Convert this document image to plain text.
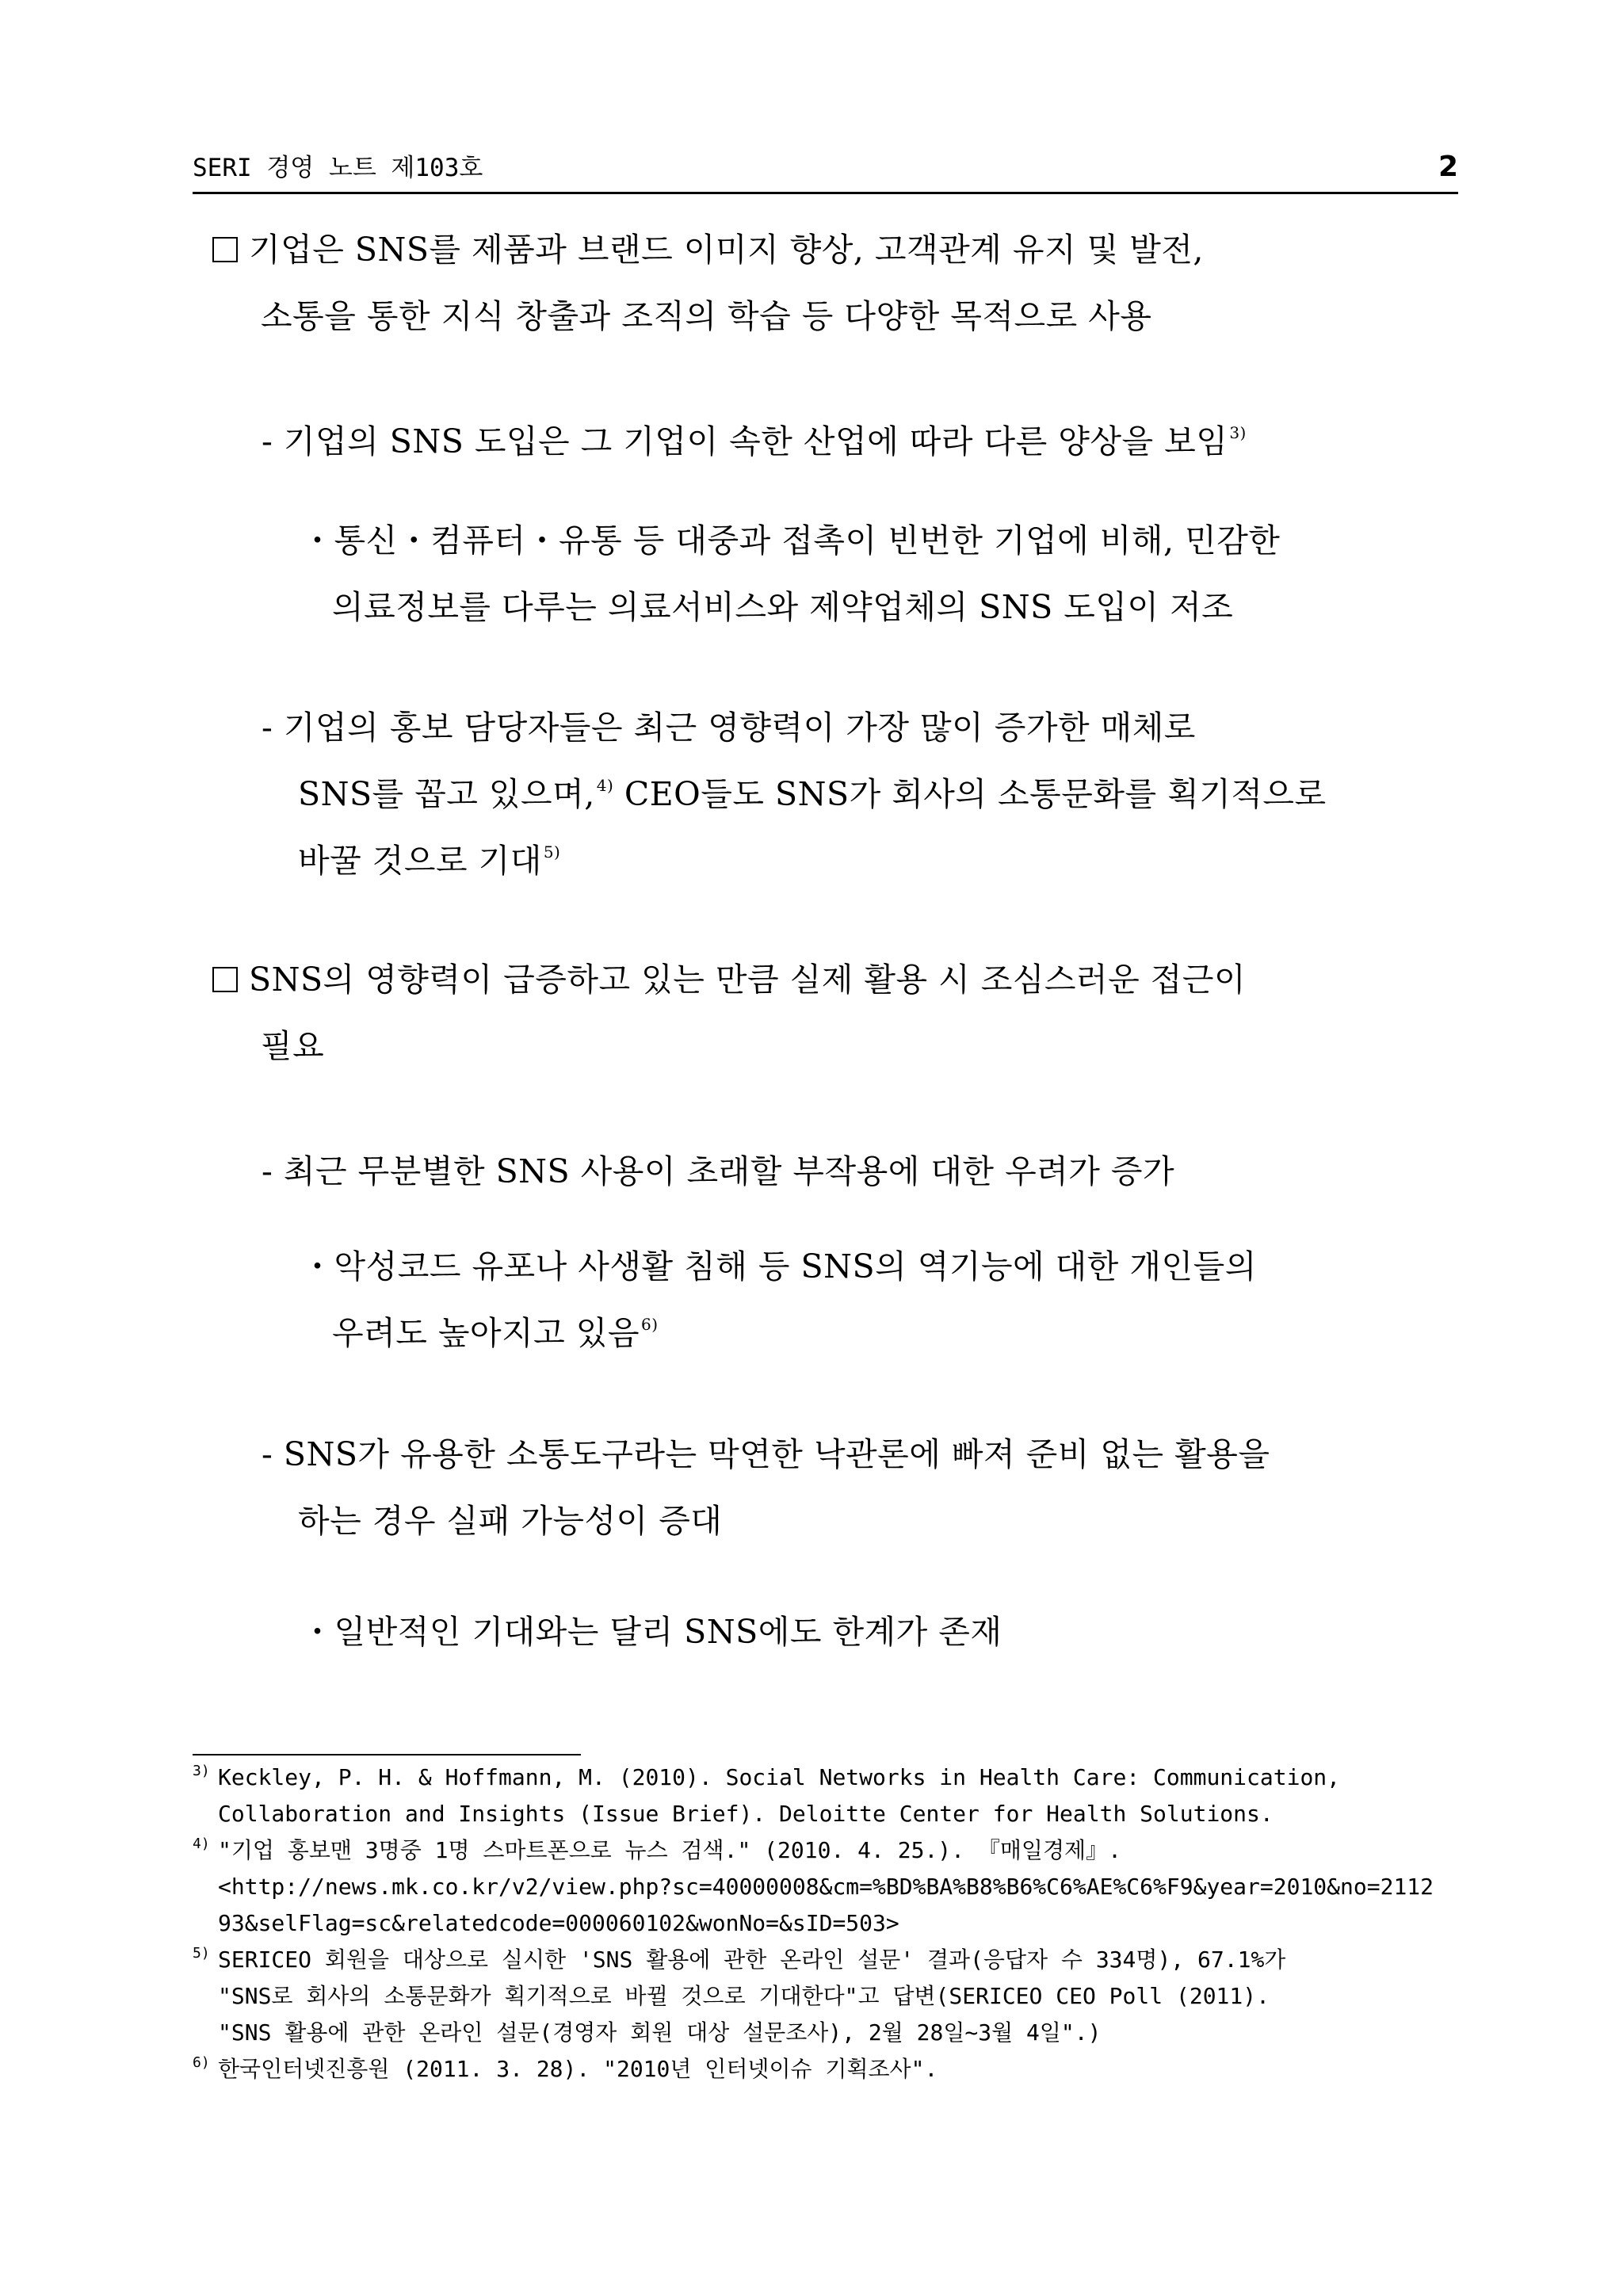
SERI 경영 노트 제103호	2
기업은 SNS를 제품과 브랜드 이미지 향상, 고객관계 유지 및 발전,
소통을 통한 지식 창출과 조직의 학습 등 다양한 목적으로 사용
- 기업의 SNS 도입은 그 기업이 속한 산업에 따라 다른 양상을 보임 $^{3)}$
・통신・컴퓨터・유통 등 대중과 접촉이 빈번한 기업에 비해, 민감한
의료정보를 다루는 의료서비스와 제약업체의 SNS 도입이 저조
- 기업의 홍보 담당자들은 최근 영향력이 가장 많이 증가한 매체로
SNS를 꼽고 있으며, $^{4)}$ CEO들도 SNS가 회사의 소통문화를 획기적으로
바꿀 것으로 기대 $^{5)}$
SNS의 영향력이 급증하고 있는 만큼 실제 활용 시 조심스러운 접근이
필요
- 최근 무분별한 SNS 사용이 초래할 부작용에 대한 우려가 증가
・악성코드 유포나 사생활 침해 등 SNS의 역기능에 대한 개인들의
우려도 높아지고 있음 $^{6)}$
- SNS가 유용한 소통도구라는 막연한 낙관론에 빠져 준비 없는 활용을
하는 경우 실패 가능성이 증대
・일반적인 기대와는 달리 SNS에도 한계가 존재
3) Keckley, P. H. & Hoffmann, M. (2010). Social Networks in Health Care: Communication,
Collaboration and Insights (Issue Brief). Deloitte Center for Health Solutions.
4) "기업 홍보맨 3명중 1명 스마트폰으로 뉴스 검색." (2010. 4. 25.). 『매일경제』.
<http://news.mk.co.kr/v2/view.php?sc=40000008&cm=%BD%BA%B8%B6%C6%AE%C6%F9&year=2010&no=2112
93&selFlag=sc&relatedcode=000060102&wonNo=&sID=503>
5) SERICEO 회원을 대상으로 실시한 'SNS 활용에 관한 온라인 설문' 결과(응답자 수 334명), 67.1%가
"SNS로 회사의 소통문화가 획기적으로 바뀔 것으로 기대한다"고 답변(SERICEO CEO Poll (2011).
"SNS 활용에 관한 온라인 설문(경영자 회원 대상 설문조사), 2월 28일~3월 4일".)
6) 한국인터넷진흥원 (2011. 3. 28). "2010년 인터넷이슈 기획조사".
